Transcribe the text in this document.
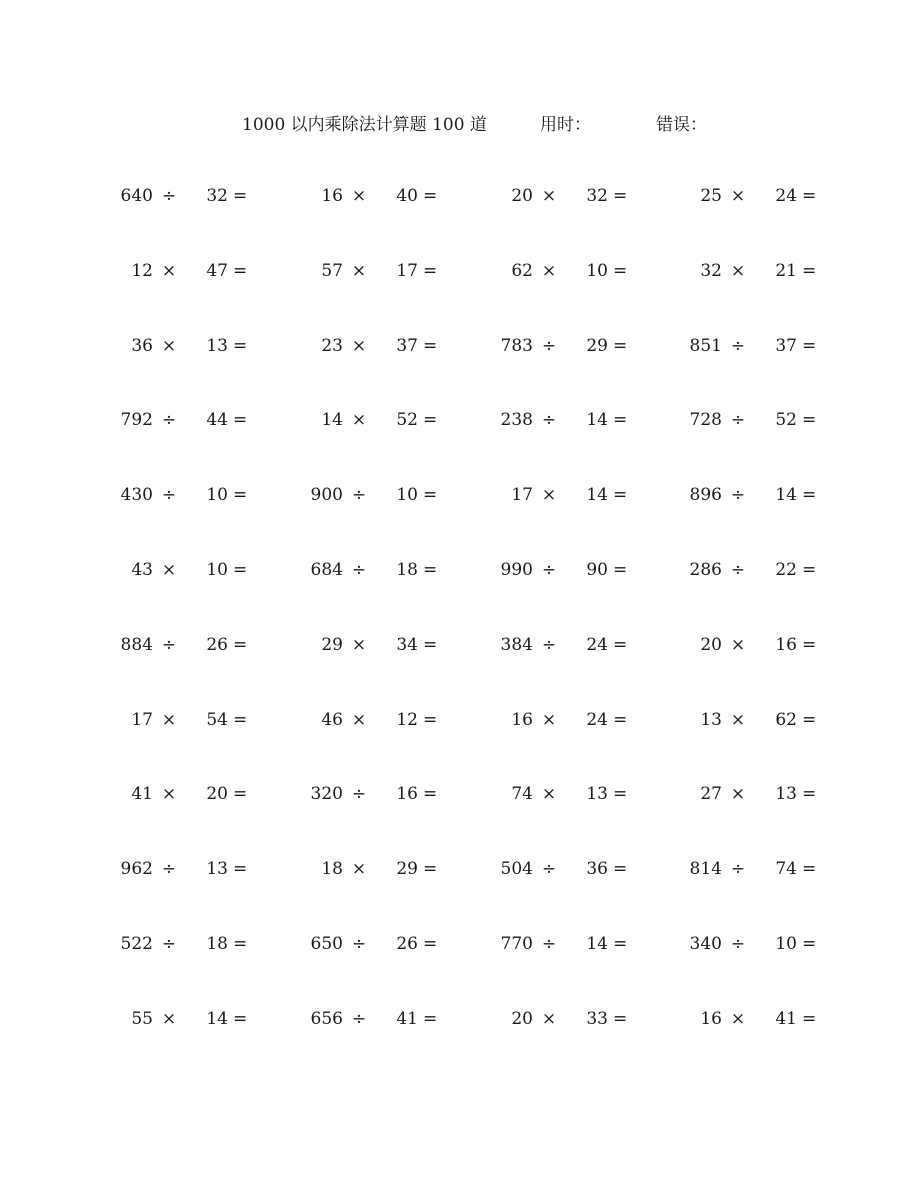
1000 以内乘除法计算题 100 道	用时：	错误：
640 ÷	32 =	16 ×	40 =	20 ×	32 =	25 ×	24 =
12 ×	47 =	57 ×	17 =	62 ×	10 =	32 ×	21 =
36 ×	13 =	23 ×	37 =	783 ÷	29 =	851 ÷	37 =
792 ÷	44 =	14 ×	52 =	238 ÷	14 =	728 ÷	52 =
430 ÷	10 =	900 ÷	10 =	17 ×	14 =	896 ÷	14 =
43 ×	10 =	684 ÷	18 =	990 ÷	90 =	286 ÷	22 =
884 ÷	26 =	29 ×	34 =	384 ÷	24 =	20 ×	16 =
17 ×	54 =	46 ×	12 =	16 ×	24 =	13 ×	62 =
41 ×	20 =	320 ÷	16 =	74 ×	13 =	27 ×	13 =
962 ÷	13 =	18 ×	29 =	504 ÷	36 =	814 ÷	74 =
522 ÷	18 =	650 ÷	26 =	770 ÷	14 =	340 ÷	10 =
55 ×	14 =	656 ÷	41 =	20 ×	33 =	16 ×	41 =
